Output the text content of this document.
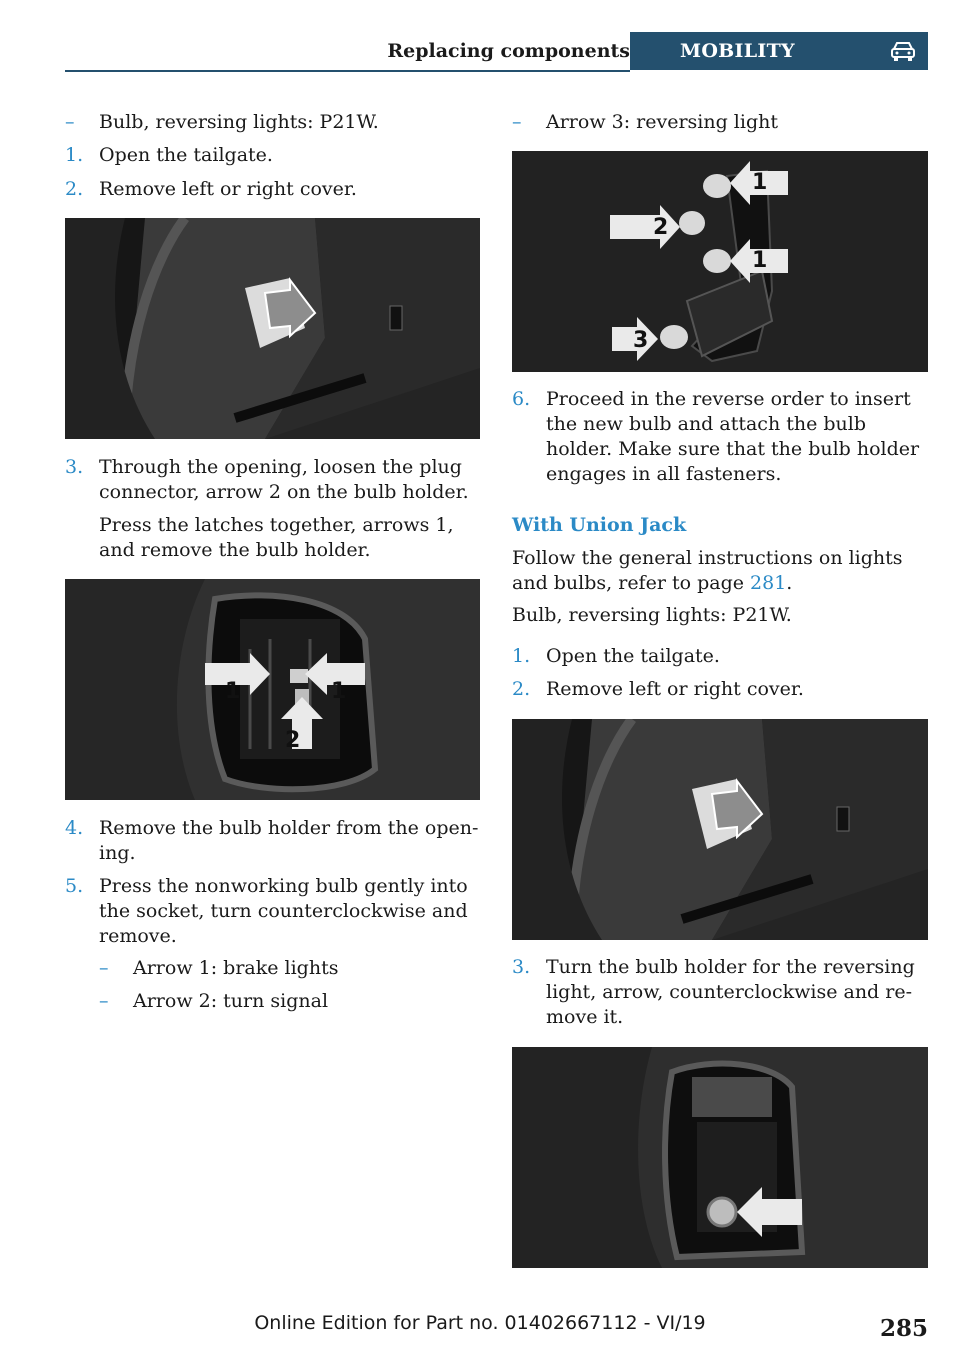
Replacing components	MOBILITY
– Bulb, reversing lights: P21W.
1. Open the tailgate.
2. Remove left or right cover.
3. Through the opening, loosen the plug connector, arrow 2 on the bulb holder.
Press the latches together, arrows 1, and remove the bulb holder.
1	1
2
4. Remove the bulb holder from the open‐ing.
5. Press the nonworking bulb gently into the socket, turn counterclockwise and remove.
– Arrow 1: brake lights
– Arrow 2: turn signal
– Arrow 3: reversing light
1
2
1
3
6. Proceed in the reverse order to insert the new bulb and attach the bulb holder. Make sure that the bulb holder engages in all fasteners.
With Union Jack
Follow the general instructions on lights and bulbs, refer to page 281.
Bulb, reversing lights: P21W.
1. Open the tailgate.
2. Remove left or right cover.
3. Turn the bulb holder for the reversing light, arrow, counterclockwise and re‐move it.
Online Edition for Part no. 01402667112 - VI/19	285
